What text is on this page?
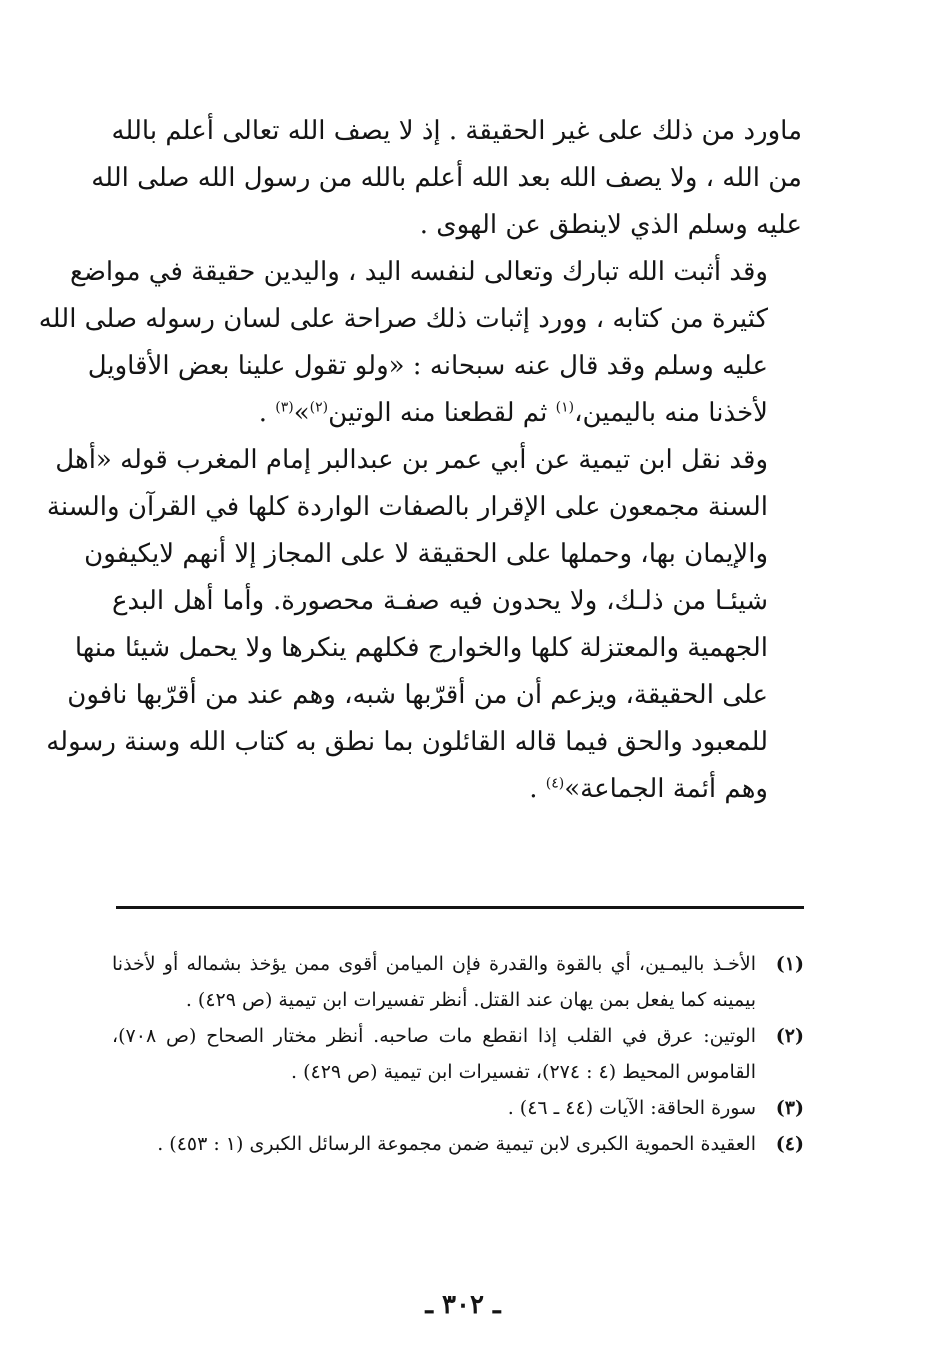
ماورد من ذلك على غير الحقيقة . إذ لا يصف الله تعالى أعلم بالله
من الله ، ولا يصف الله بعد الله أعلم بالله من رسول الله صلى الله
عليه وسلم الذي لاينطق عن الهوى .

وقد أثبت الله تبارك وتعالى لنفسه اليد ، واليدين حقيقة في مواضع
كثيرة من كتابه ، وورد إثبات ذلك صراحة على لسان رسوله صلى الله
عليه وسلم وقد قال عنه سبحانه : «ولو تقول علينا بعض الأقاويل
لأخذنا منه باليمين،$^{(١)}$ ثم لقطعنا منه الوتين$^{(٢)}$»$^{(٣)}$ .

وقد نقل ابن تيمية عن أبي عمر بن عبدالبر إمام المغرب قوله «أهل
السنة مجمعون على الإقرار بالصفات الواردة كلها في القرآن والسنة
والإيمان بها، وحملها على الحقيقة لا على المجاز إلا أنهم لايكيفون
شيئـا من ذلـك، ولا يحدون فيه صفـة محصورة. وأما أهل البدع
الجهمية والمعتزلة كلها والخوارج فكلهم ينكرها ولا يحمل شيئا منها
على الحقيقة، ويزعم أن من أقرّبها شبه، وهم عند من أقرّبها نافون
للمعبود والحق فيما قاله القائلون بما نطق به كتاب الله وسنة رسوله
وهم أئمة الجماعة»$^{(٤)}$ .

(١)
الأخـذ باليمـين، أي بالقوة والقدرة فإن الميامن أقوى ممن يؤخذ بشماله أو لأخذنا بيمينه كما يفعل بمن يهان عند القتل. أنظر تفسيرات ابن تيمية (ص ٤٢٩) .
(٢)
الوتين: عرق في القلب إذا انقطع مات صاحبه. أنظر مختار الصحاح (ص ٧٠٨)، القاموس المحيط (٤ : ٢٧٤)، تفسيرات ابن تيمية (ص ٤٢٩) .
(٣)
سورة الحاقة: الآيات (٤٤ ـ ٤٦) .
(٤)
العقيدة الحموية الكبرى لابن تيمية ضمن مجموعة الرسائل الكبرى (١ : ٤٥٣) .
ـ ٣٠٢ ـ
